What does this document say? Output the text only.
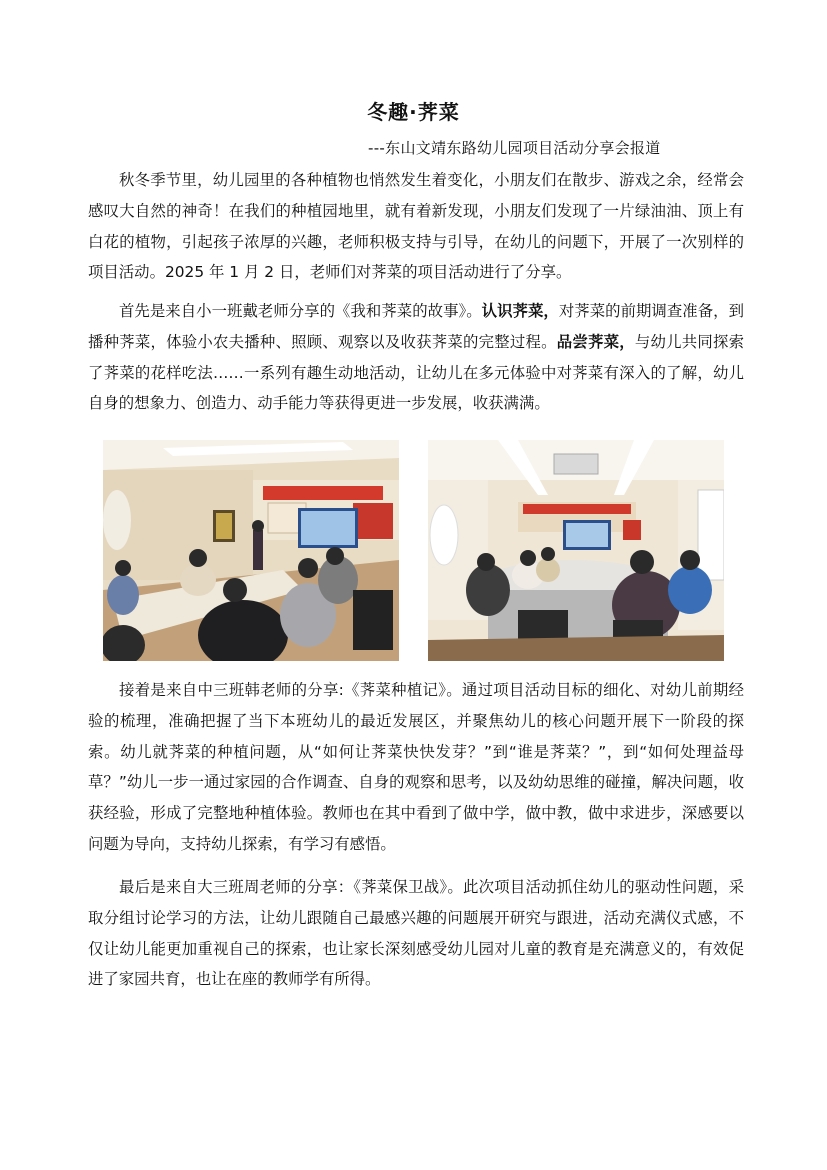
冬趣·荠菜
---东山文靖东路幼儿园项目活动分享会报道

秋冬季节里，幼儿园里的各种植物也悄然发生着变化，小朋友们在散步、游戏之余，经常会感叹大自然的神奇！在我们的种植园地里，就有着新发现，小朋友们发现了一片绿油油、顶上有白花的植物，引起孩子浓厚的兴趣，老师积极支持与引导，在幼儿的问题下，开展了一次别样的项目活动。2025 年 1 月 2 日，老师们对荠菜的项目活动进行了分享。

首先是来自小一班戴老师分享的《我和荠菜的故事》。认识荠菜，对荠菜的前期调查准备，到播种荠菜，体验小农夫播种、照顾、观察以及收获荠菜的完整过程。品尝荠菜，与幼儿共同探索了荠菜的花样吃法……一系列有趣生动地活动，让幼儿在多元体验中对荠菜有深入的了解，幼儿自身的想象力、创造力、动手能力等获得更进一步发展，收获满满。

接着是来自中三班韩老师的分享:《荠菜种植记》。通过项目活动目标的细化、对幼儿前期经验的梳理，准确把握了当下本班幼儿的最近发展区，并聚焦幼儿的核心问题开展下一阶段的探索。幼儿就荠菜的种植问题，从“如何让荠菜快快发芽？”到“谁是荠菜？”，到“如何处理益母草？”幼儿一步一通过家园的合作调查、自身的观察和思考，以及幼幼思维的碰撞，解决问题，收获经验，形成了完整地种植体验。教师也在其中看到了做中学，做中教，做中求进步，深感要以问题为导向，支持幼儿探索，有学习有感悟。

最后是来自大三班周老师的分享：《荠菜保卫战》。此次项目活动抓住幼儿的驱动性问题，采取分组讨论学习的方法，让幼儿跟随自己最感兴趣的问题展开研究与跟进，活动充满仪式感，不仅让幼儿能更加重视自己的探索，也让家长深刻感受幼儿园对儿童的教育是充满意义的，有效促进了家园共育，也让在座的教师学有所得。
